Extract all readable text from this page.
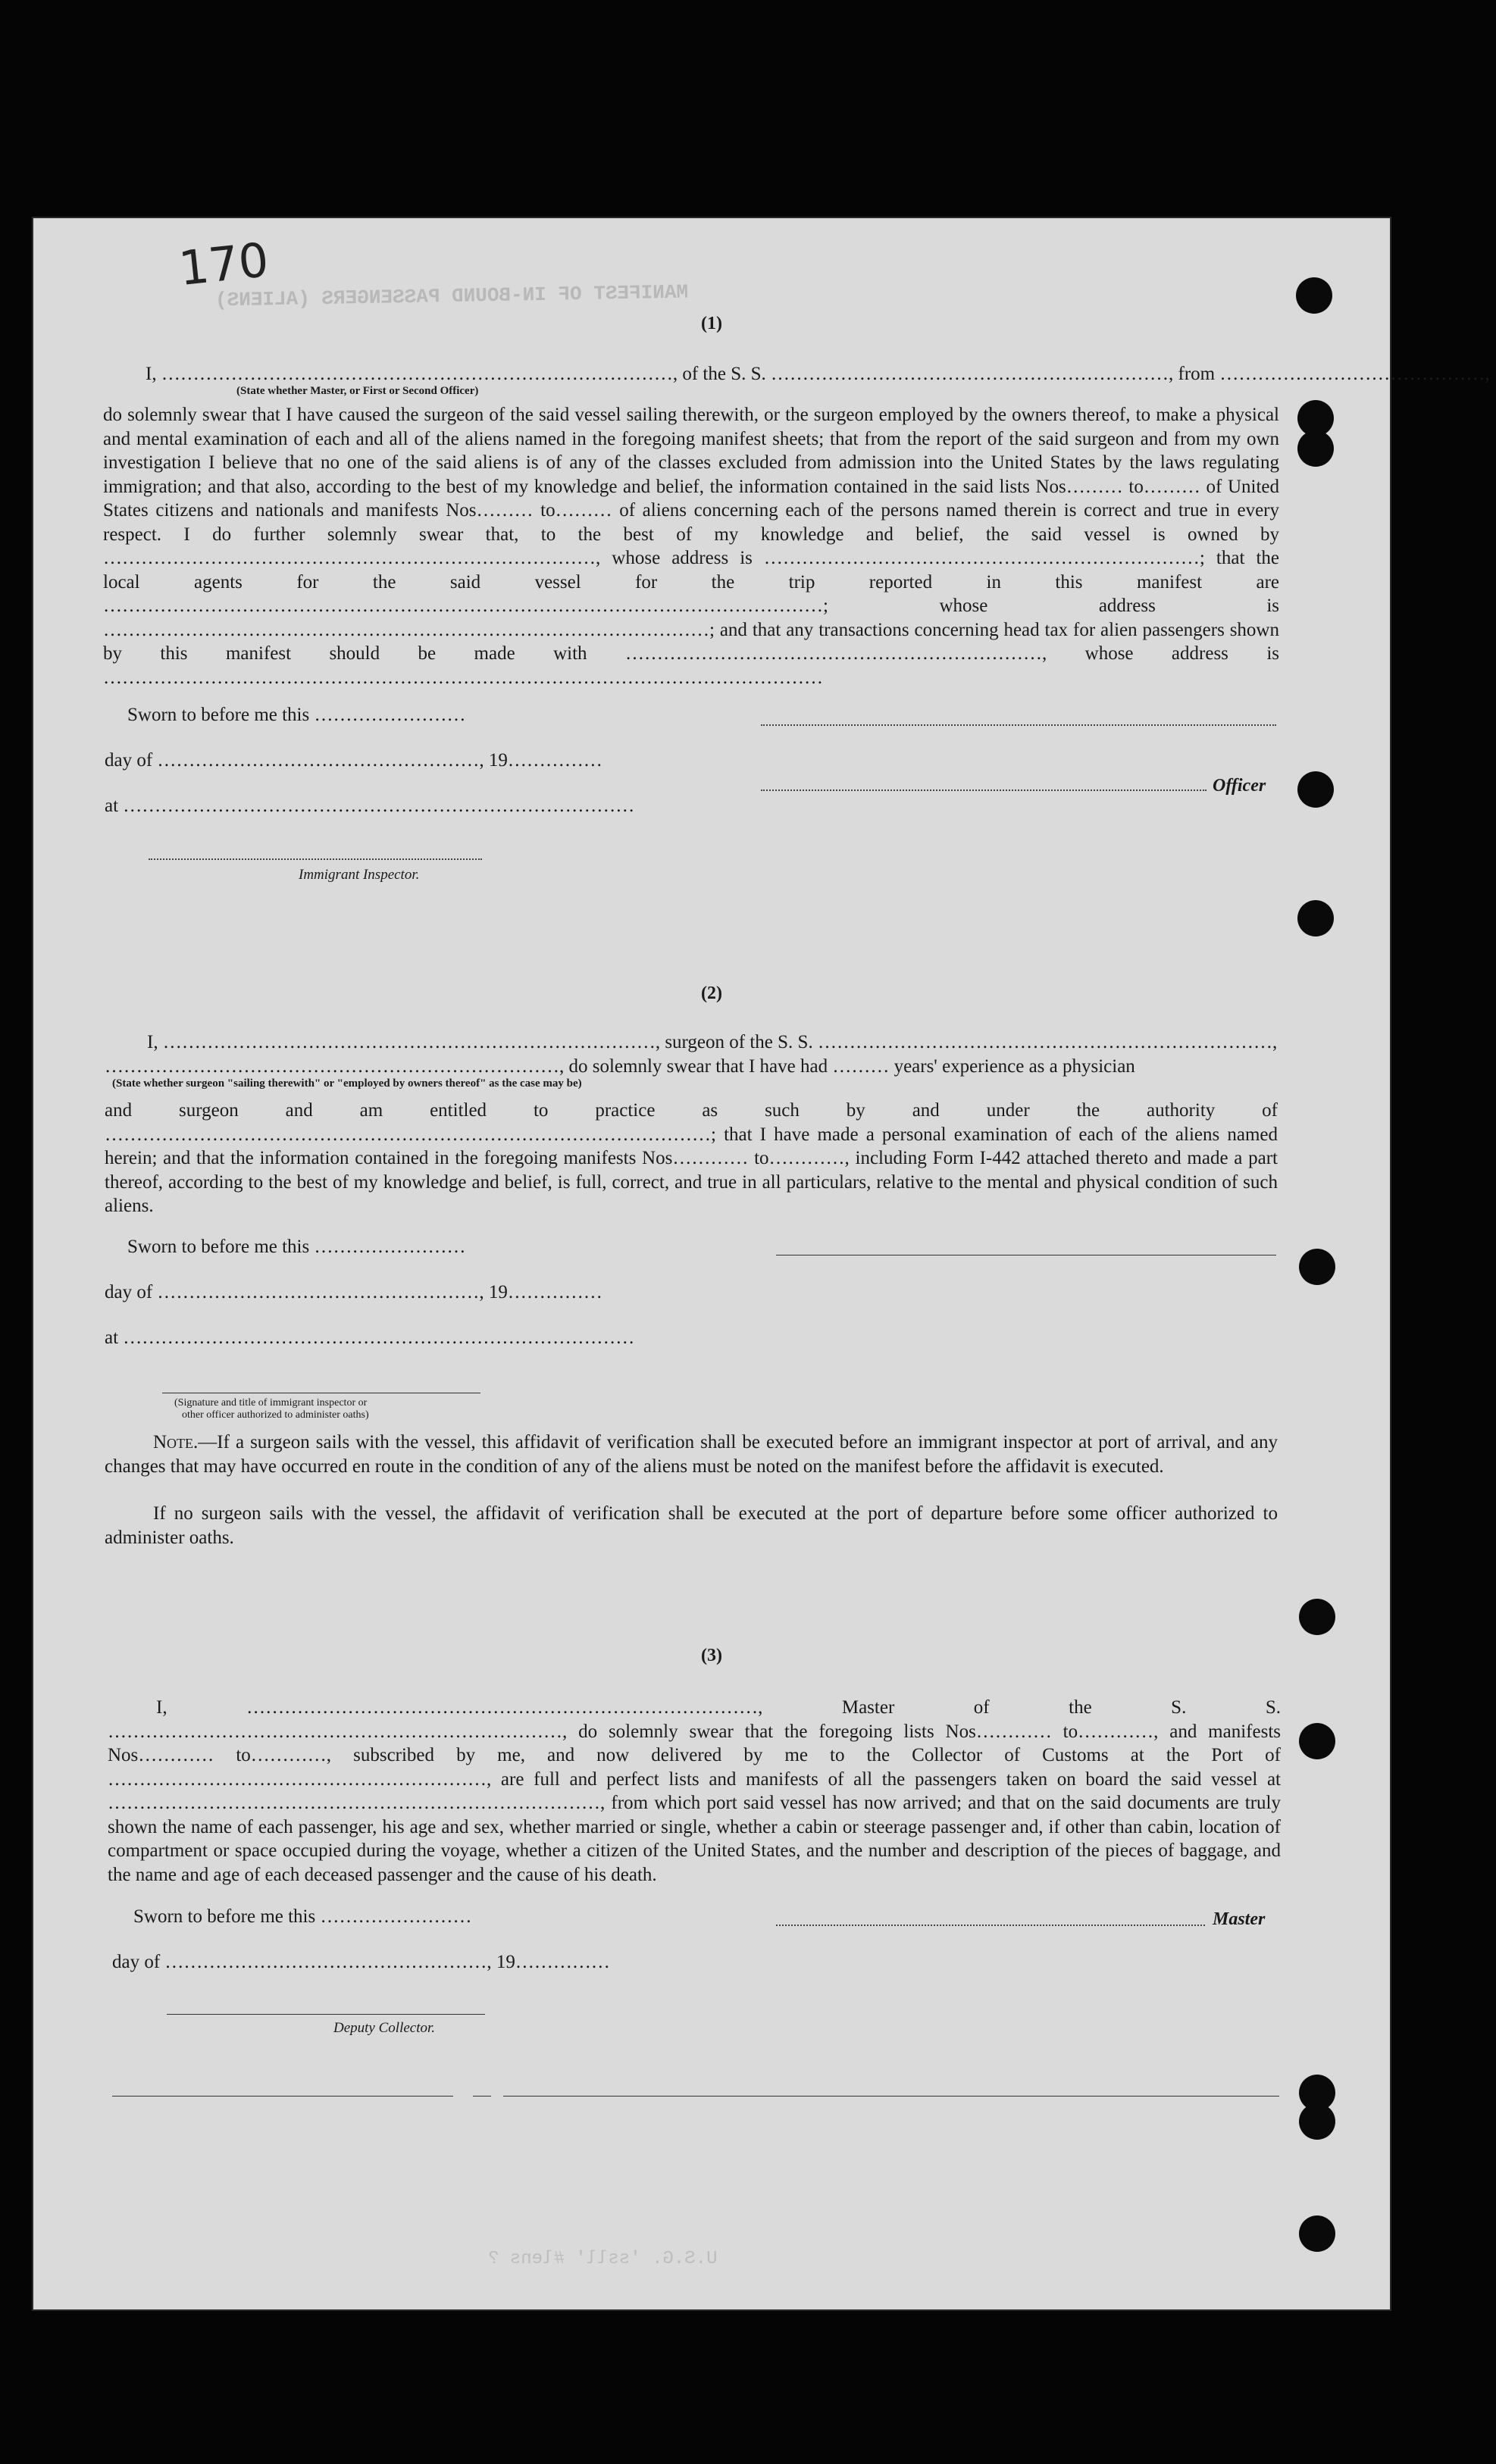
170
MANIFEST OF IN-BOUND PASSENGERS (ALIENS)
U.S.G. 'ssll' #lens ?
(1)
I, ………………………………………………………………………, of the S. S. ………………………………………………………, from ……………………………………,
(State whether Master, or First or Second Officer)
do solemnly swear that I have caused the surgeon of the said vessel sailing therewith, or the surgeon employed by the owners thereof, to make a physical and mental examination of each and all of the aliens named in the foregoing manifest sheets; that from the report of the said surgeon and from my own investigation I believe that no one of the said aliens is of any of the classes excluded from admission into the United States by the laws regulating immigration; and that also, according to the best of my knowledge and belief, the information contained in the said lists Nos……… to……… of United States citizens and nationals and manifests Nos……… to……… of aliens concerning each of the persons named therein is correct and true in every respect. I do further solemnly swear that, to the best of my knowledge and belief, the said vessel is owned by ……………………………………………………………………, whose address is ……………………………………………………………; that the local agents for the said vessel for the trip reported in this manifest are ……………………………………………………………………………………………………; whose address is ……………………………………………………………………………………; and that any transactions concerning head tax for alien passengers shown by this manifest should be made with …………………………………………………………, whose address is ……………………………………………………………………………………………………
Sworn to before me this ……………………
day of ……………………………………………, 19……………
at ………………………………………………………………………
Immigrant Inspector.
Officer
(2)
I, ……………………………………………………………………, surgeon of the S. S. ………………………………………………………………,
………………………………………………………………, do solemnly swear that I have had ……… years' experience as a physician
(State whether surgeon "sailing therewith" or "employed by owners thereof" as the case may be)
and surgeon and am entitled to practice as such by and under the authority of ……………………………………………………………………………………; that I have made a personal examination of each of the aliens named herein; and that the information contained in the foregoing manifests Nos………… to…………, including Form I-442 attached thereto and made a part thereof, according to the best of my knowledge and belief, is full, correct, and true in all particulars, relative to the mental and physical condition of such aliens.
Sworn to before me this ……………………
day of ……………………………………………, 19……………
at ………………………………………………………………………
(Signature and title of immigrant inspector or
other officer authorized to administer oaths)
Note.—If a surgeon sails with the vessel, this affidavit of verification shall be executed before an immigrant inspector at port of arrival, and any changes that may have occurred en route in the condition of any of the aliens must be noted on the manifest before the affidavit is executed.
If no surgeon sails with the vessel, the affidavit of verification shall be executed at the port of departure before some officer authorized to administer oaths.
(3)
I, ………………………………………………………………………, Master of the S. S. ………………………………………………………………, do solemnly swear that the foregoing lists Nos………… to…………, and manifests Nos………… to…………, subscribed by me, and now delivered by me to the Collector of Customs at the Port of ……………………………………………………, are full and perfect lists and manifests of all the passengers taken on board the said vessel at ……………………………………………………………………, from which port said vessel has now arrived; and that on the said documents are truly shown the name of each passenger, his age and sex, whether married or single, whether a cabin or steerage passenger and, if other than cabin, location of compartment or space occupied during the voyage, whether a citizen of the United States, and the number and description of the pieces of baggage, and the name and age of each deceased passenger and the cause of his death.
Sworn to before me this ……………………
day of ……………………………………………, 19……………
Deputy Collector.
Master
